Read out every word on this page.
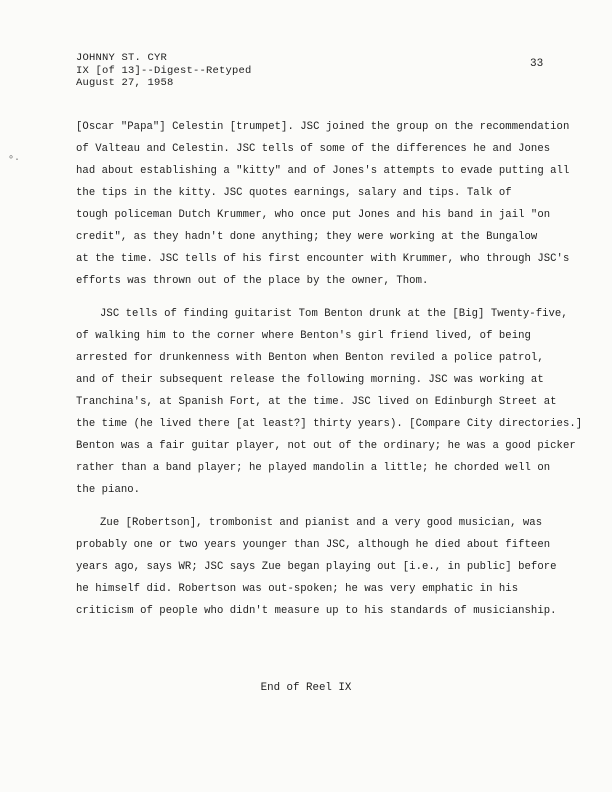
JOHNNY ST. CYR
IX [of 13]--Digest--Retyped
August 27, 1958
33
∘.
[Oscar "Papa"] Celestin [trumpet]. JSC joined the group on the recommendation
of Valteau and Celestin. JSC tells of some of the differences he and Jones
had about establishing a "kitty" and of Jones's attempts to evade putting all
the tips in the kitty. JSC quotes earnings, salary and tips. Talk of
tough policeman Dutch Krummer, who once put Jones and his band in jail "on
credit", as they hadn't done anything; they were working at the Bungalow
at the time. JSC tells of his first encounter with Krummer, who through JSC's
efforts was thrown out of the place by the owner, Thom.
JSC tells of finding guitarist Tom Benton drunk at the [Big] Twenty-five,
of walking him to the corner where Benton's girl friend lived, of being
arrested for drunkenness with Benton when Benton reviled a police patrol,
and of their subsequent release the following morning. JSC was working at
Tranchina's, at Spanish Fort, at the time. JSC lived on Edinburgh Street at
the time (he lived there [at least?] thirty years). [Compare City directories.]
Benton was a fair guitar player, not out of the ordinary; he was a good picker
rather than a band player; he played mandolin a little; he chorded well on
the piano.
Zue [Robertson], trombonist and pianist and a very good musician, was
probably one or two years younger than JSC, although he died about fifteen
years ago, says WR; JSC says Zue began playing out [i.e., in public] before
he himself did. Robertson was out-spoken; he was very emphatic in his
criticism of people who didn't measure up to his standards of musicianship.
End of Reel IX
